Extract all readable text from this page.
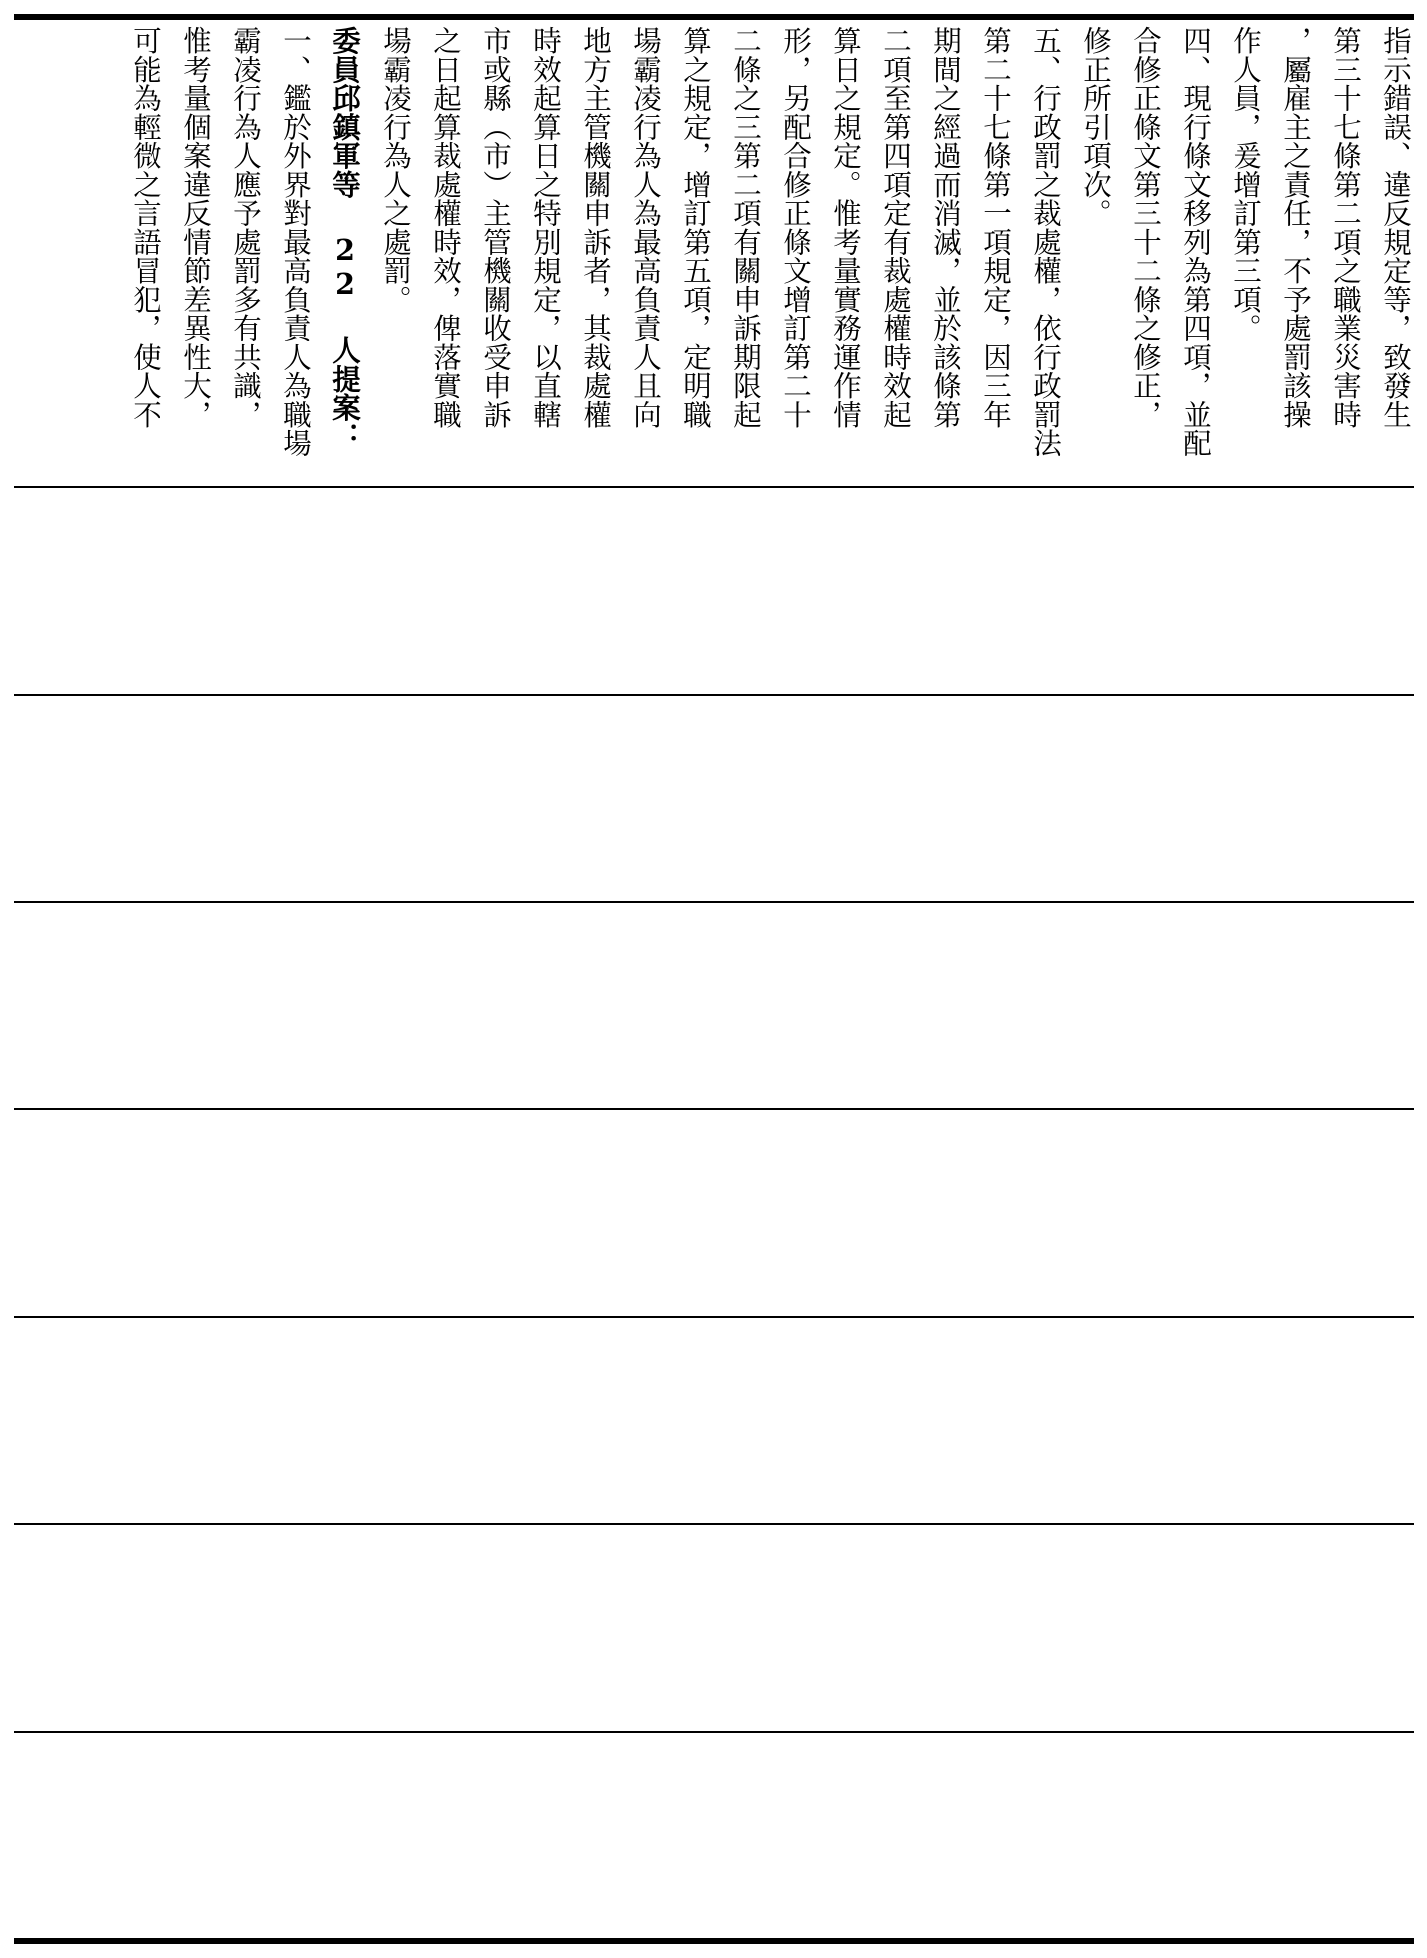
指示錯誤、違反規定等，致發生
第三十七條第二項之職業災害時
，屬雇主之責任，不予處罰該操
作人員，爰增訂第三項。
四、現行條文移列為第四項，並配
合修正條文第三十二條之修正，
修正所引項次。
五、行政罰之裁處權，依行政罰法
第二十七條第一項規定，因三年
期間之經過而消滅，並於該條第
二項至第四項定有裁處權時效起
算日之規定。惟考量實務運作情
形，另配合修正條文增訂第二十
二條之三第二項有關申訴期限起
算之規定，增訂第五項，定明職
場霸凌行為人為最高負責人且向
地方主管機關申訴者，其裁處權
時效起算日之特別規定，以直轄
市或縣（市）主管機關收受申訴
之日起算裁處權時效，俾落實職
場霸凌行為人之處罰。
委員邱鎮軍等 22 人提案：
一、鑑於外界對最高負責人為職場
霸凌行為人應予處罰多有共識，
惟考量個案違反情節差異性大，
可能為輕微之言語冒犯，使人不
